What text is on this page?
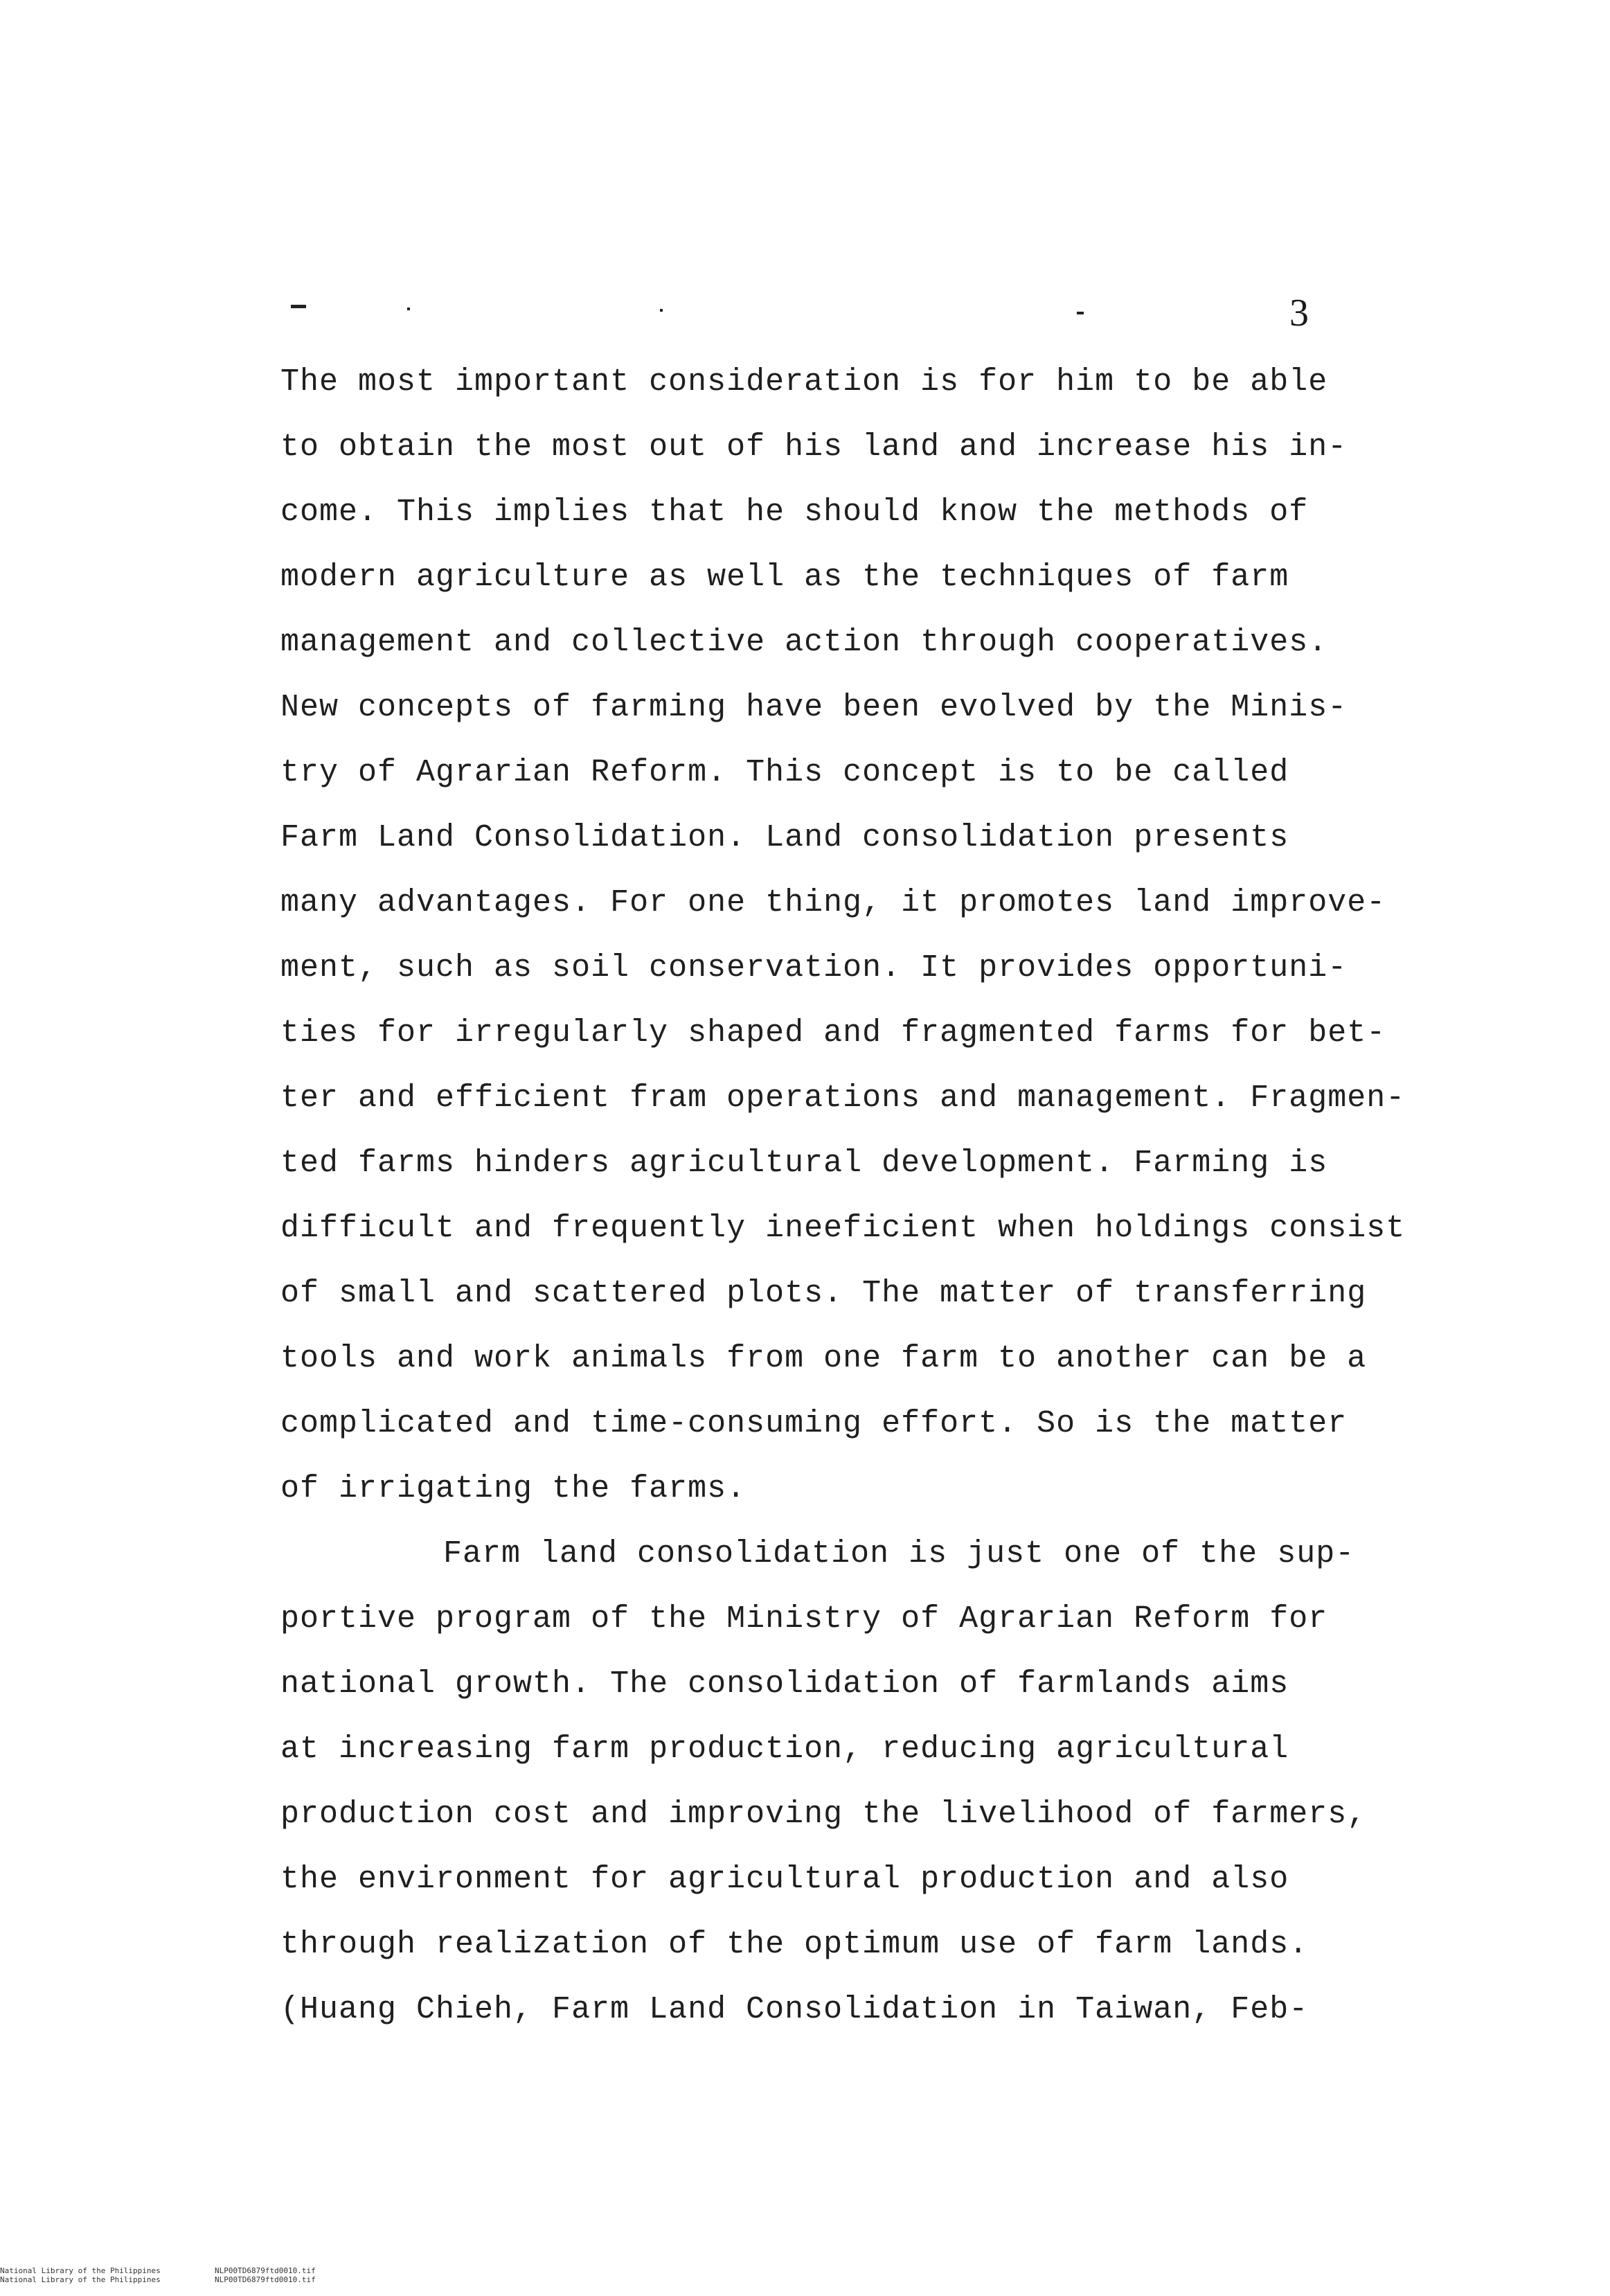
3
The most important consideration is for him to be able
to obtain the most out of his land and increase his in-
come. This implies that he should know the methods of
modern agriculture as well as the techniques of farm
management and collective action through cooperatives.
New concepts of farming have been evolved by the Minis-
try of Agrarian Reform. This concept is to be called
Farm Land Consolidation. Land consolidation presents
many advantages. For one thing, it promotes land improve-
ment, such as soil conservation. It provides opportuni-
ties for irregularly shaped and fragmented farms for bet-
ter and efficient fram operations and management. Fragmen-
ted farms hinders agricultural development. Farming is
difficult and frequently ineeficient when holdings consist
of small and scattered plots. The matter of transferring
tools and work animals from one farm to another can be a
complicated and time-consuming effort. So is the matter
of irrigating the farms.
Farm land consolidation is just one of the sup-
portive program of the Ministry of Agrarian Reform for
national growth. The consolidation of farmlands aims
at increasing farm production, reducing agricultural
production cost and improving the livelihood of farmers,
the environment for agricultural production and also
through realization of the optimum use of farm lands.
(Huang Chieh, Farm Land Consolidation in Taiwan, Feb-
National Library of the Philippines	NLP00TD6879ftd0010.tif
National Library of the Philippines	NLP00TD6879ftd0010.tif
